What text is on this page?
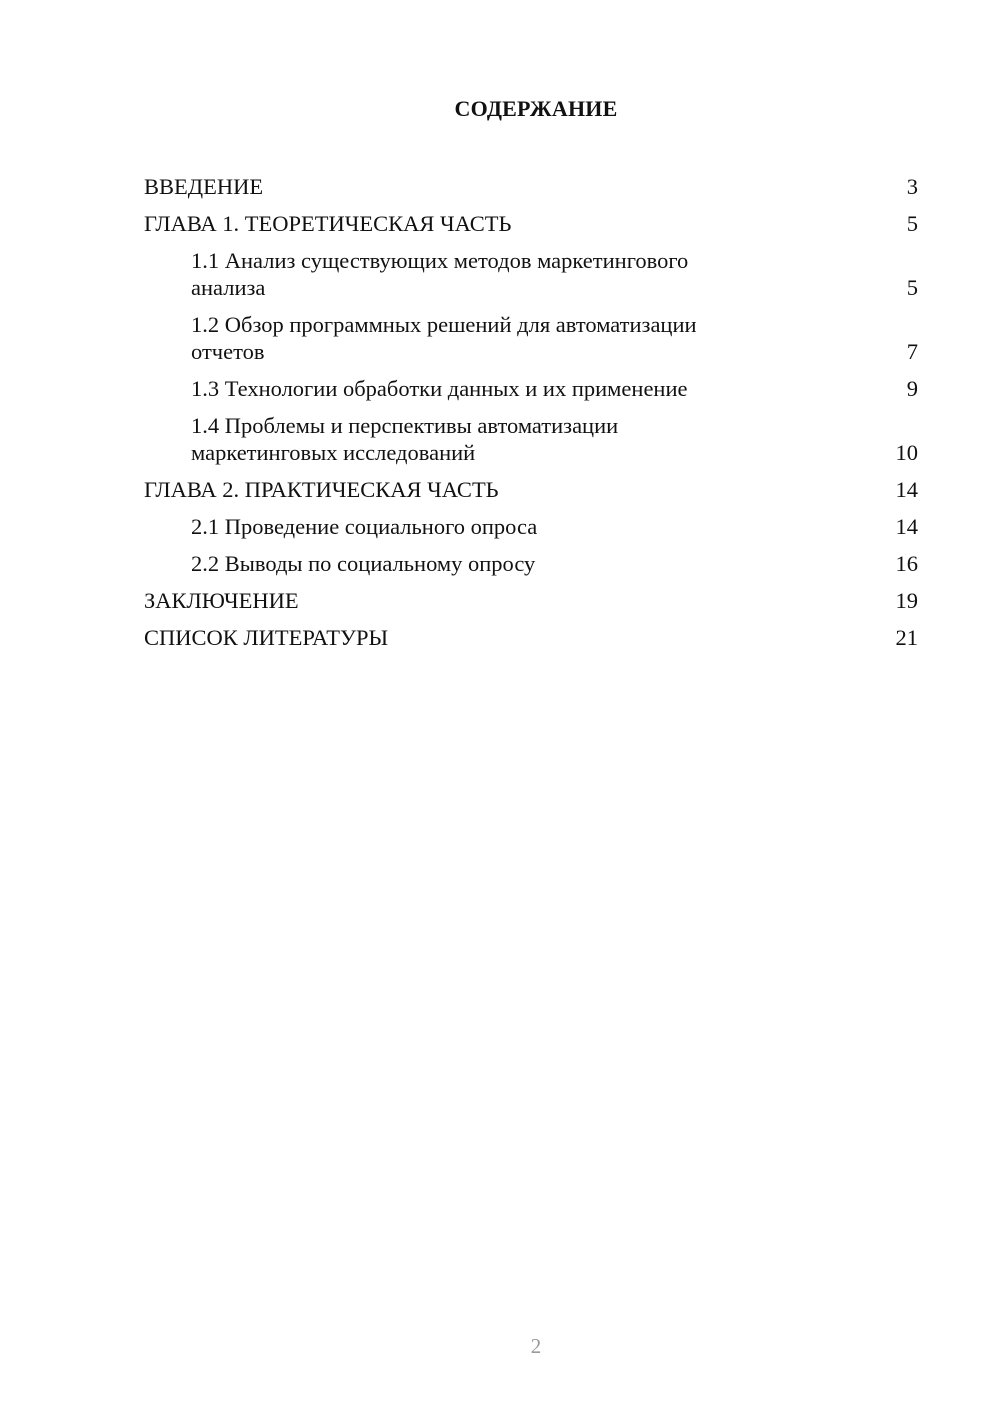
СОДЕРЖАНИЕ
ВВЕДЕНИЕ	3
ГЛАВА 1. ТЕОРЕТИЧЕСКАЯ ЧАСТЬ	5
1.1 Анализ существующих методов маркетингового анализа	5
1.2 Обзор программных решений для автоматизации отчетов	7
1.3 Технологии обработки данных и их применение	9
1.4 Проблемы и перспективы автоматизации маркетинговых исследований	10
ГЛАВА 2. ПРАКТИЧЕСКАЯ ЧАСТЬ	14
2.1 Проведение социального опроса	14
2.2 Выводы по социальному опросу	16
ЗАКЛЮЧЕНИЕ	19
СПИСОК ЛИТЕРАТУРЫ	21
2
